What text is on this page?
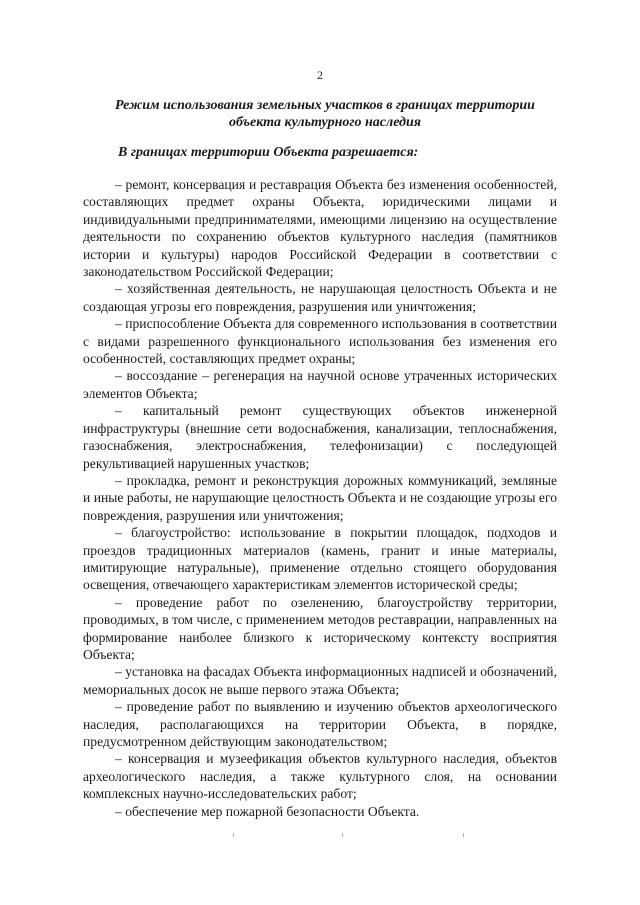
2
Режим использования земельных участков в границах территории объекта культурного наследия
В границах территории Объекта разрешается:

– ремонт, консервация и реставрация Объекта без изменения особенностей, составляющих предмет охраны Объекта, юридическими лицами и индивидуальными предпринимателями, имеющими лицензию на осуществление деятельности по сохранению объектов культурного наследия (памятников истории и культуры) народов Российской Федерации в соответствии с законодательством Российской Федерации;

– хозяйственная деятельность, не нарушающая целостность Объекта и не создающая угрозы его повреждения, разрушения или уничтожения;

– приспособление Объекта для современного использования в соответствии с видами разрешенного функционального использования без изменения его особенностей, составляющих предмет охраны;

– воссоздание – регенерация на научной основе утраченных исторических элементов Объекта;

– капитальный ремонт существующих объектов инженерной инфраструктуры (внешние сети водоснабжения, канализации, теплоснабжения, газоснабжения, электроснабжения, телефонизации) с последующей рекультивацией нарушенных участков;

– прокладка, ремонт и реконструкция дорожных коммуникаций, земляные и иные работы, не нарушающие целостность Объекта и не создающие угрозы его повреждения, разрушения или уничтожения;

– благоустройство: использование в покрытии площадок, подходов и проездов традиционных материалов (камень, гранит и иные материалы, имитирующие натуральные), применение отдельно стоящего оборудования освещения, отвечающего характеристикам элементов исторической среды;

– проведение работ по озеленению, благоустройству территории, проводимых, в том числе, с применением методов реставрации, направленных на формирование наиболее близкого к историческому контексту восприятия Объекта;

– установка на фасадах Объекта информационных надписей и обозначений, мемориальных досок не выше первого этажа Объекта;

– проведение работ по выявлению и изучению объектов археологического наследия, располагающихся на территории Объекта, в порядке, предусмотренном действующим законодательством;

– консервация и музеефикация объектов культурного наследия, объектов археологического наследия, а также культурного слоя, на основании комплексных научно-исследовательских работ;

– обеспечение мер пожарной безопасности Объекта.
